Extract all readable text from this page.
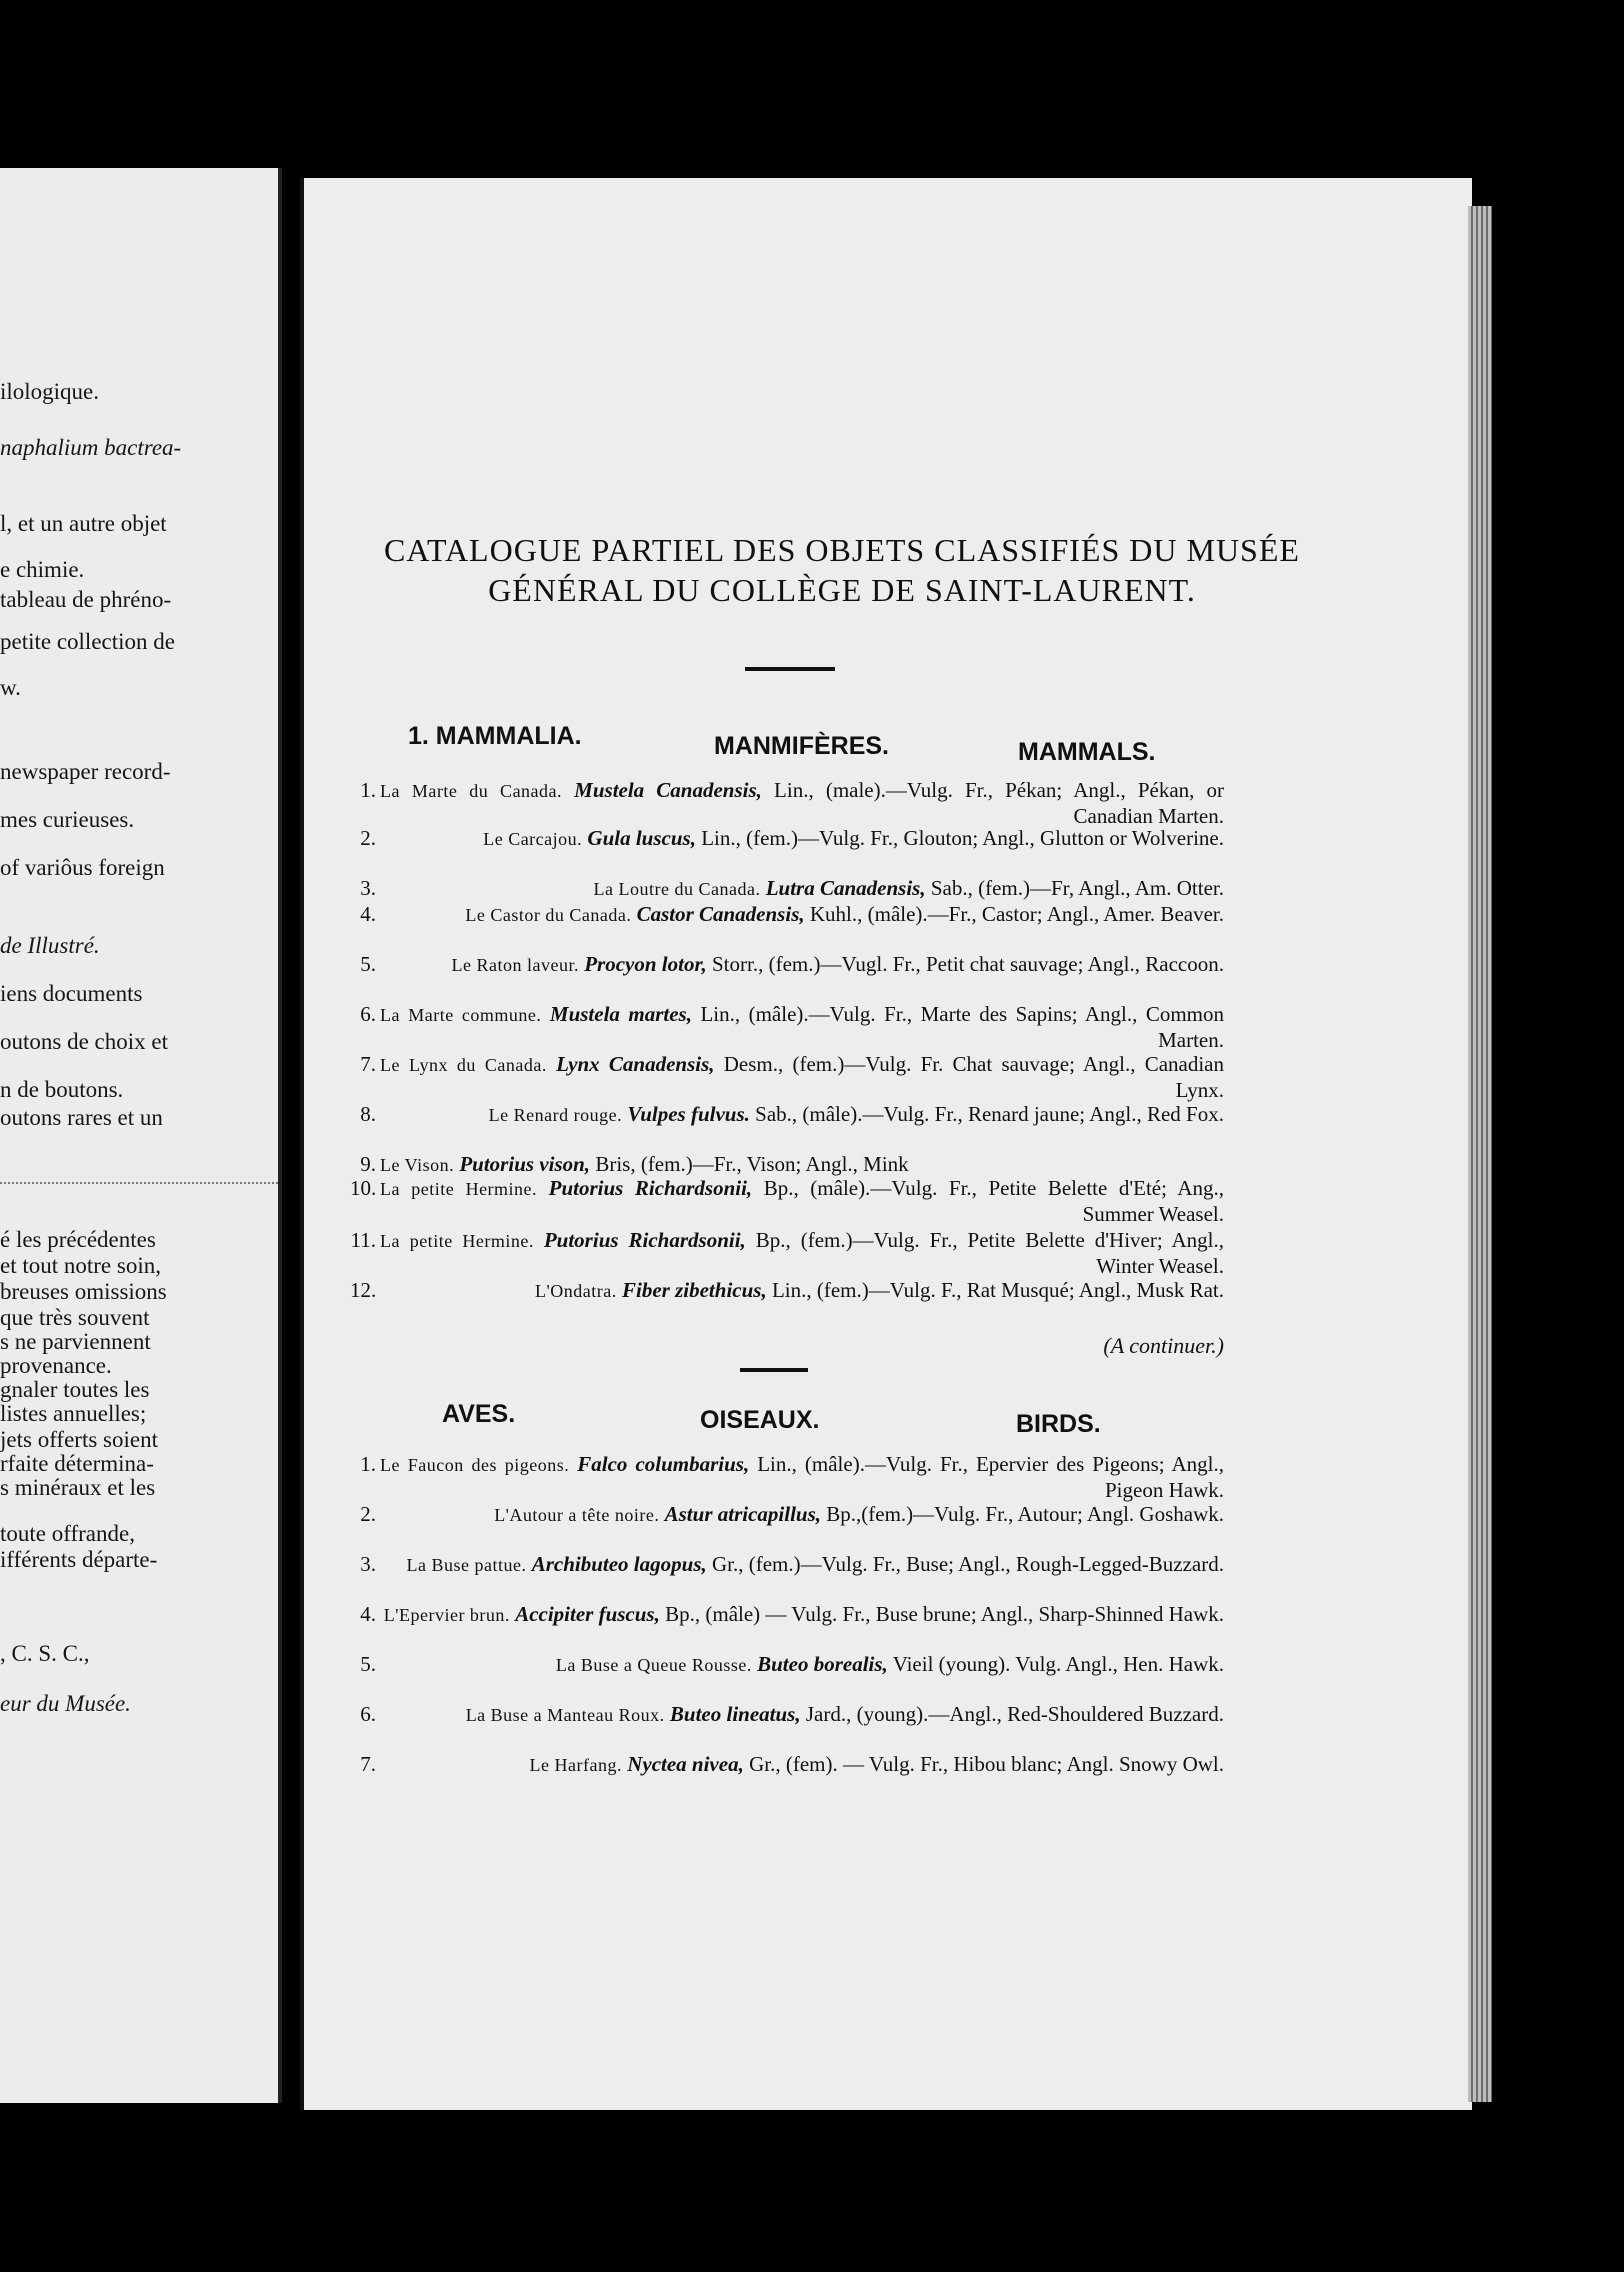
ilologique.
naphalium bactrea-
l, et un autre objet
e chimie.
tableau de phréno-
petite collection de
w.
newspaper record-
mes curieuses.
of variôus foreign
de Illustré.
iens documents
outons de choix et
n de boutons.
outons rares et un
é les précédentes
et tout notre soin,
breuses omissions
que très souvent
s ne parviennent
provenance.
gnaler toutes les
listes annuelles;
jets offerts soient
rfaite détermina-
s minéraux et les
toute offrande,
ifférents départe-
, C. S. C.,
eur du Musée.
CATALOGUE PARTIEL DES OBJETS CLASSIFIÉS DU MUSÉE
GÉNÉRAL DU COLLÈGE DE SAINT-LAURENT.
1. MAMMALIA.	MANMIFÈRES.	MAMMALS.
1. La Marte du Canada. Mustela Canadensis, Lin., (male).—Vulg. Fr., Pékan; Angl., Pékan, or Canadian Marten.
2.	Le Carcajou. Gula luscus, Lin., (fem.)—Vulg. Fr., Glouton; Angl., Glutton or Wolverine.
3.	La Loutre du Canada. Lutra Canadensis, Sab., (fem.)—Fr, Angl., Am. Otter.
4.	Le Castor du Canada. Castor Canadensis, Kuhl., (mâle).—Fr., Castor; Angl., Amer. Beaver.
5.	Le Raton laveur. Procyon lotor, Storr., (fem.)—Vugl. Fr., Petit chat sauvage; Angl., Raccoon.
6. La Marte commune. Mustela martes, Lin., (mâle).—Vulg. Fr., Marte des Sapins; Angl., Common Marten.
7. Le Lynx du Canada. Lynx Canadensis, Desm., (fem.)—Vulg. Fr. Chat sauvage; Angl., Canadian Lynx.
8.	Le Renard rouge. Vulpes fulvus. Sab., (mâle).—Vulg. Fr., Renard jaune; Angl., Red Fox.
9. Le Vison. Putorius vison, Bris, (fem.)—Fr., Vison; Angl., Mink
10. La petite Hermine. Putorius Richardsonii, Bp., (mâle).—Vulg. Fr., Petite Belette d'Eté; Ang., Summer Weasel.
11. La petite Hermine. Putorius Richardsonii, Bp., (fem.)—Vulg. Fr., Petite Belette d'Hiver; Angl., Winter Weasel.
12.	L'Ondatra. Fiber zibethicus, Lin., (fem.)—Vulg. F., Rat Musqué; Angl., Musk Rat.
(A continuer.)
AVES.	OISEAUX.	BIRDS.
1. Le Faucon des pigeons. Falco columbarius, Lin., (mâle).—Vulg. Fr., Epervier des Pigeons; Angl., Pigeon Hawk.
2.	L'Autour a tête noire. Astur atricapillus, Bp.,(fem.)—Vulg. Fr., Autour; Angl. Goshawk.
3.	La Buse pattue. Archibuteo lagopus, Gr., (fem.)—Vulg. Fr., Buse; Angl., Rough-Legged-Buzzard.
4. L'Epervier brun. Accipiter fuscus, Bp., (mâle) — Vulg. Fr., Buse brune; Angl., Sharp-Shinned Hawk.
5.	La Buse a Queue Rousse. Buteo borealis, Vieil (young). Vulg. Angl., Hen. Hawk.
6.	La Buse a Manteau Roux. Buteo lineatus, Jard., (young).—Angl., Red-Shouldered Buzzard.
7.	Le Harfang. Nyctea nivea, Gr., (fem). — Vulg. Fr., Hibou blanc; Angl. Snowy Owl.
